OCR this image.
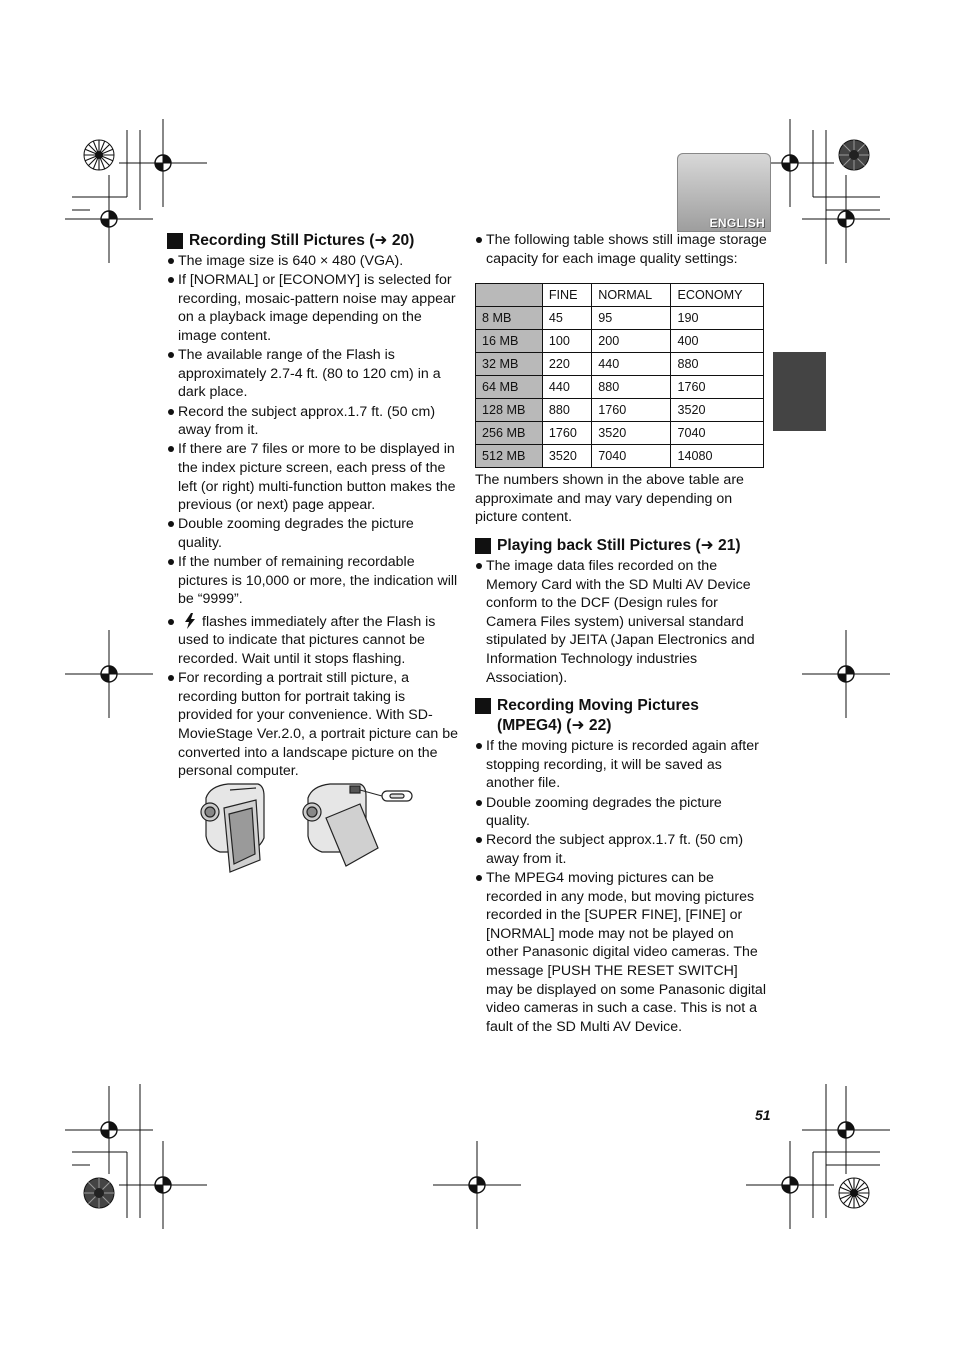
ENGLISH
Recording Still Pictures (➜ 20)
The image size is 640 × 480 (VGA).
If [NORMAL] or [ECONOMY] is selected for recording, mosaic-pattern noise may appear on a playback image depending on the image content.
The available range of the Flash is approximately 2.7-4 ft. (80 to 120 cm) in a dark place.
Record the subject approx.1.7 ft. (50 cm) away from it.
If there are 7 files or more to be displayed in the index picture screen, each press of the left (or right) multi-function button makes the previous (or next) page appear.
Double zooming degrades the picture quality.
If the number of remaining recordable pictures is 10,000 or more, the indication will be “9999”.
flashes immediately after the Flash is used to indicate that pictures cannot be recorded. Wait until it stops flashing.
For recording a portrait still picture, a recording button for portrait taking is provided for your convenience. With SD-MovieStage Ver.2.0, a portrait picture can be converted into a landscape picture on the personal computer.
The following table shows still image storage capacity for each image quality settings:
	FINE	NORMAL	ECONOMY
8 MB	45	95	190
16 MB	100	200	400
32 MB	220	440	880
64 MB	440	880	1760
128 MB	880	1760	3520
256 MB	1760	3520	7040
512 MB	3520	7040	14080

The numbers shown in the above table are approximate and may vary depending on picture content.

Playing back Still Pictures (➜ 21)
The image data files recorded on the Memory Card with the SD Multi AV Device conform to the DCF (Design rules for Camera Files system) universal standard stipulated by JEITA (Japan Electronics and Information Technology industries Association).
Recording Moving Pictures (MPEG4) (➜ 22)
If the moving picture is recorded again after stopping recording, it will be saved as another file.
Double zooming degrades the picture quality.
Record the subject approx.1.7 ft. (50 cm) away from it.
The MPEG4 moving pictures can be recorded in any mode, but moving pictures recorded in the [SUPER FINE], [FINE] or [NORMAL] mode may not be played on other Panasonic digital video cameras. The message [PUSH THE RESET SWITCH] may be displayed on some Panasonic digital video cameras in such a case. This is not a fault of the SD Multi AV Device.
51
